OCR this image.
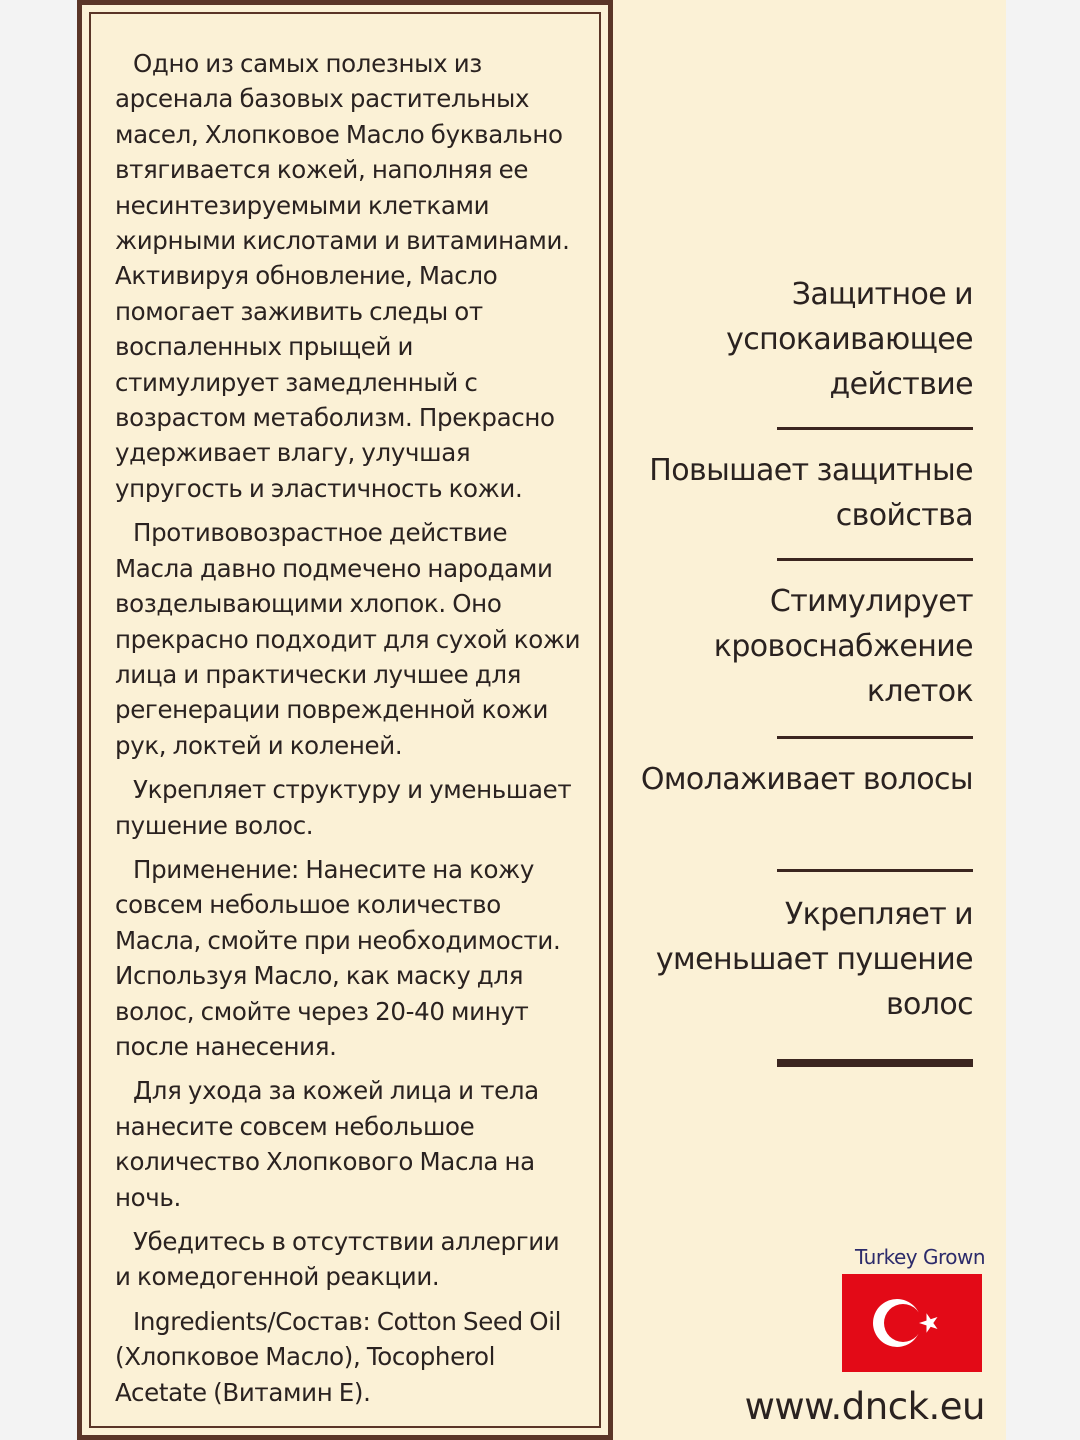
Одно из самых полезных из арсенала базовых растительных масел, Хлопковое Масло буквально втягивается кожей, наполняя ее несинтезируемыми клетками жирными кислотами и витаминами. Активируя обновление, Масло помогает заживить следы от воспаленных прыщей и стимулирует замедленный с возрастом метаболизм. Прекрасно удерживает влагу, улучшая упругость и эластичность кожи.

Противовозрастное действие Масла давно подмечено народами возделывающими хлопок. Оно прекрасно подходит для сухой кожи лица и практически лучшее для регенерации поврежденной кожи рук, локтей и коленей.

Укрепляет структуру и уменьшает пушение волос.

Применение: Нанесите на кожу совсем небольшое количество Масла, смойте при необходимости. Используя Масло, как маску для волос, смойте через 20-40 минут после нанесения.

Для ухода за кожей лица и тела нанесите совсем небольшое количество Хлопкового Масла на ночь.

Убедитесь в отсутствии аллергии и комедогенной реакции.

Ingredients/Состав: Cotton Seed Oil (Хлопковое Масло), Tocopherol Acetate (Витамин Е).

Защитное и успокаивающее действие
Повышает защитные свойства
Стимулирует кровоснабжение клеток
Омолаживает волосы
Укрепляет и уменьшает пушение волос
Turkey Grown
www.dnck.eu
